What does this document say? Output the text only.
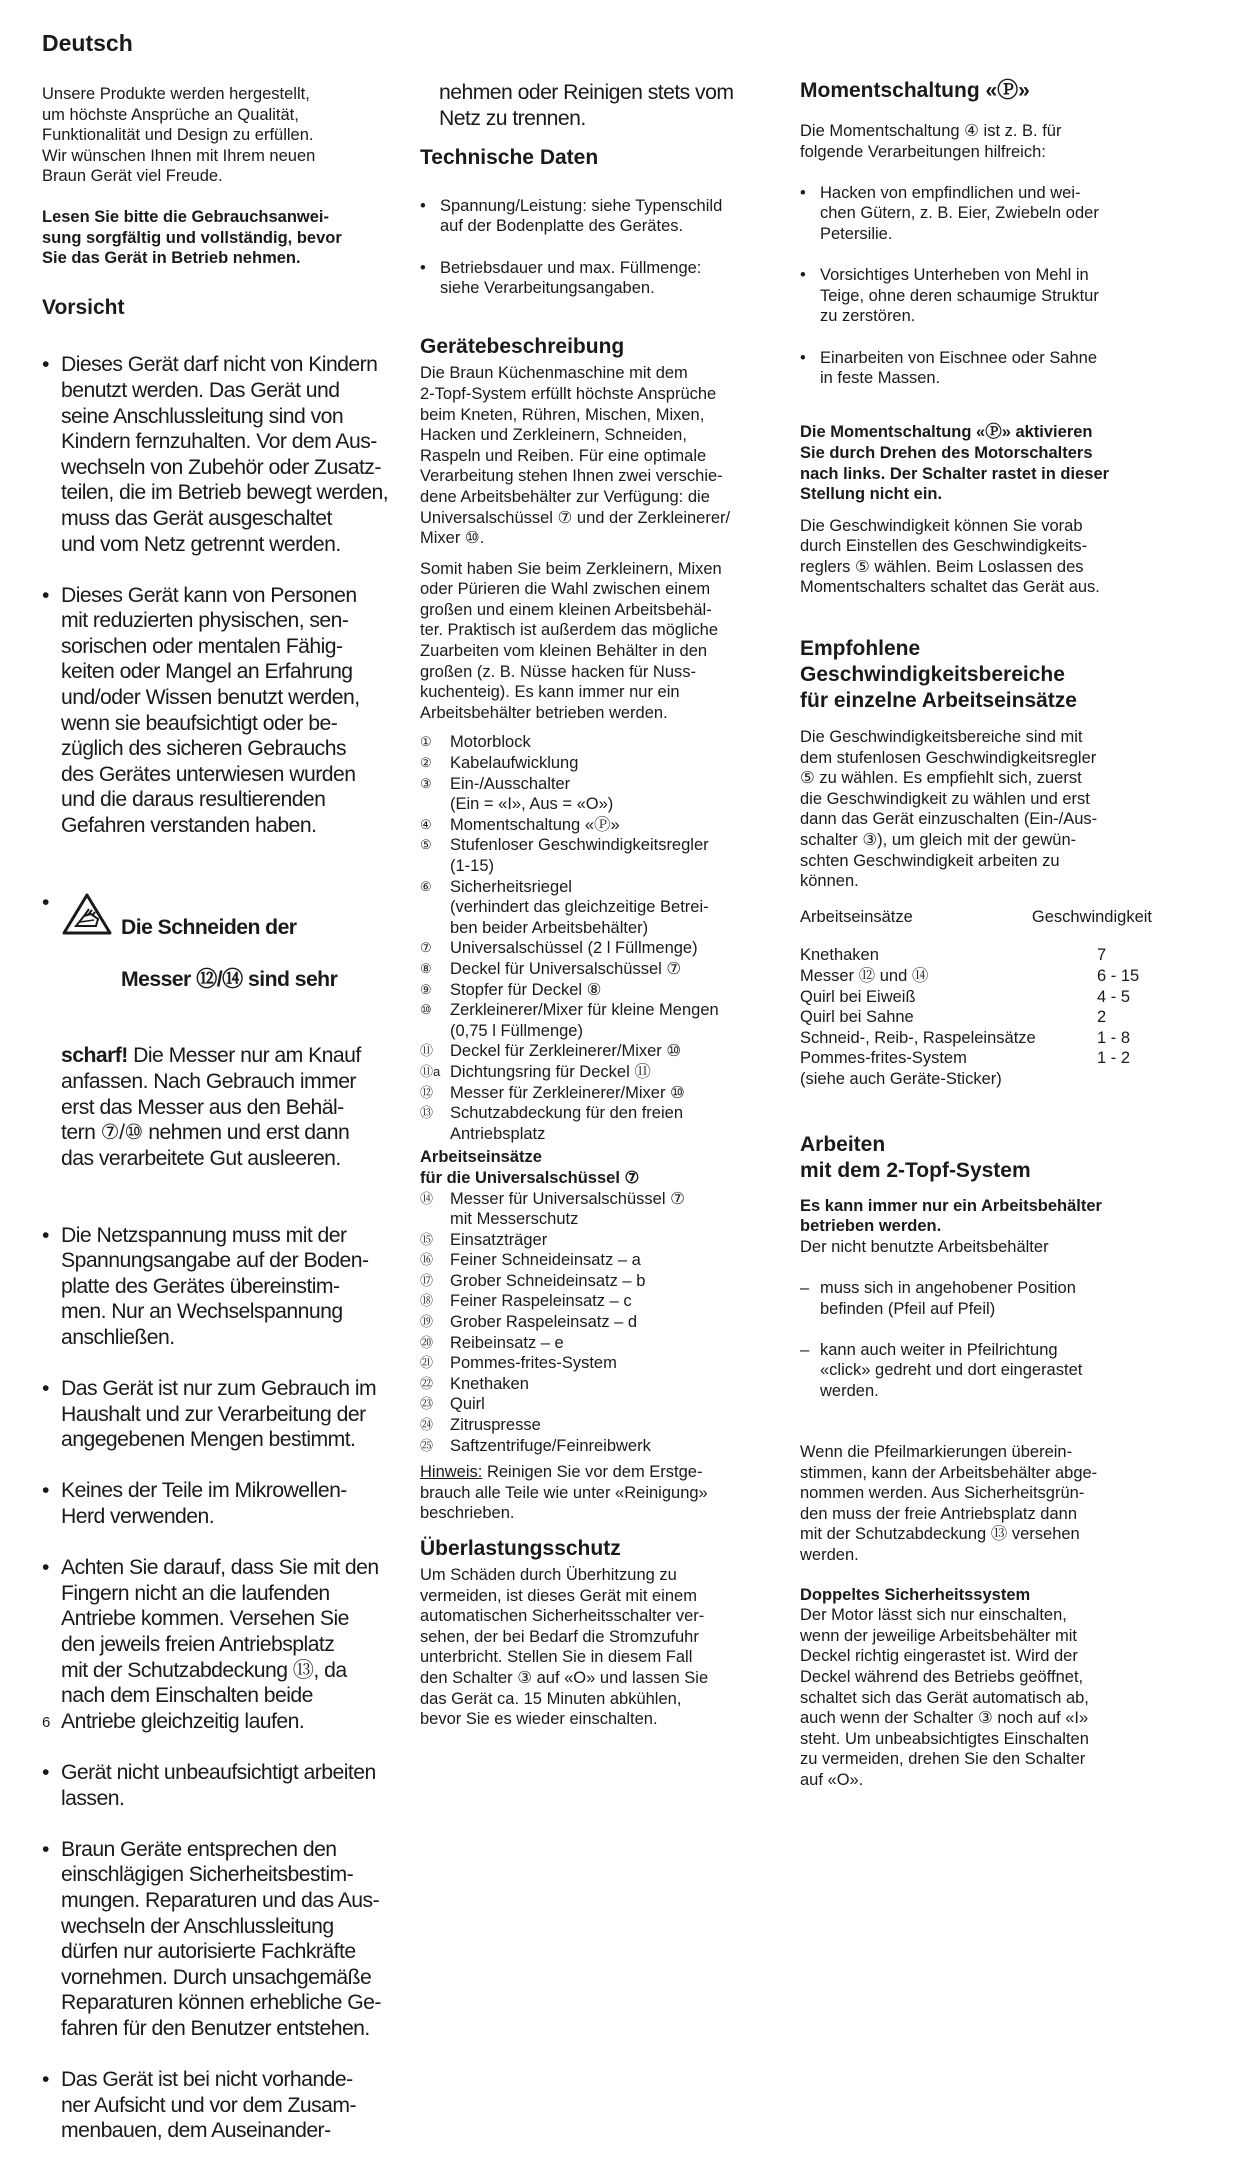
Deutsch

Unsere Produkte werden hergestellt,
um höchste Ansprüche an Qualität,
Funktionalität und Design zu erfüllen.
Wir wünschen Ihnen mit Ihrem neuen
Braun Gerät viel Freude.

Lesen Sie bitte die Gebrauchsanwei-
sung sorgfältig und vollständig, bevor
Sie das Gerät in Betrieb nehmen.

Vorsicht

• Dieses Gerät darf nicht von Kindern
benutzt werden. Das Gerät und
seine Anschlussleitung sind von
Kindern fernzuhalten. Vor dem Aus-
wechseln von Zubehör oder Zusatz-
teilen, die im Betrieb bewegt werden,
muss das Gerät ausgeschaltet
und vom Netz getrennt werden.

• Dieses Gerät kann von Personen
mit reduzierten physischen, sen-
sorischen oder mentalen Fähig-
keiten oder Mangel an Erfahrung
und/oder Wissen benutzt werden,
wenn sie beaufsichtigt oder be-
züglich des sicheren Gebrauchs
des Gerätes unterwiesen wurden
und die daraus resultierenden
Gefahren verstanden haben.

•

Die Schneiden der

Messer ⑫/⑭ sind sehr

scharf! Die Messer nur am Knauf
anfassen. Nach Gebrauch immer
erst das Messer aus den Behäl-
tern ⑦/⑩ nehmen und erst dann
das verarbeitete Gut ausleeren.

• Die Netzspannung muss mit der
Spannungsangabe auf der Boden-
platte des Gerätes übereinstim-
men. Nur an Wechselspannung
anschließen.

• Das Gerät ist nur zum Gebrauch im
Haushalt und zur Verarbeitung der
angegebenen Mengen bestimmt.

• Keines der Teile im Mikrowellen-
Herd verwenden.

• Achten Sie darauf, dass Sie mit den
Fingern nicht an die laufenden
Antriebe kommen. Versehen Sie
den jeweils freien Antriebsplatz
mit der Schutzabdeckung ⑬, da
nach dem Einschalten beide
Antriebe gleichzeitig laufen.

• Gerät nicht unbeaufsichtigt arbeiten
lassen.

• Braun Geräte entsprechen den
einschlägigen Sicherheitsbestim-
mungen. Reparaturen und das Aus-
wechseln der Anschlussleitung
dürfen nur autorisierte Fachkräfte
vornehmen. Durch unsachgemäße
Reparaturen können erhebliche Ge-
fahren für den Benutzer entstehen.

• Das Gerät ist bei nicht vorhande-
ner Aufsicht und vor dem Zusam-
menbauen, dem Auseinander-

nehmen oder Reinigen stets vom
Netz zu trennen.

Technische Daten

• Spannung/Leistung: siehe Typenschild
auf der Bodenplatte des Gerätes.

• Betriebsdauer und max. Füllmenge:
siehe Verarbeitungsangaben.

Gerätebeschreibung

Die Braun Küchenmaschine mit dem
2-Topf-System erfüllt höchste Ansprüche
beim Kneten, Rühren, Mischen, Mixen,
Hacken und Zerkleinern, Schneiden,
Raspeln und Reiben. Für eine optimale
Verarbeitung stehen Ihnen zwei verschie-
dene Arbeitsbehälter zur Verfügung: die
Universalschüssel ⑦ und der Zerkleinerer/
Mixer ⑩.

Somit haben Sie beim Zerkleinern, Mixen
oder Pürieren die Wahl zwischen einem
großen und einem kleinen Arbeitsbehäl-
ter. Praktisch ist außerdem das mögliche
Zuarbeiten vom kleinen Behälter in den
großen (z. B. Nüsse hacken für Nuss-
kuchenteig). Es kann immer nur ein
Arbeitsbehälter betrieben werden.

①	Motorblock
②	Kabelaufwicklung
③	Ein-/Ausschalter
(Ein = «I», Aus = «O»)
④	Momentschaltung «Ⓟ»
⑤	Stufenloser Geschwindigkeitsregler
(1-15)
⑥	Sicherheitsriegel
(verhindert das gleichzeitige Betrei-
ben beider Arbeitsbehälter)
⑦	Universalschüssel (2 l Füllmenge)
⑧	Deckel für Universalschüssel ⑦
⑨	Stopfer für Deckel ⑧
⑩	Zerkleinerer/Mixer für kleine Mengen
(0,75 l Füllmenge)
⑪	Deckel für Zerkleinerer/Mixer ⑩
⑪a Dichtungsring für Deckel ⑪
⑫	Messer für Zerkleinerer/Mixer ⑩
⑬	Schutzabdeckung für den freien
Antriebsplatz

Arbeitseinsätze
für die Universalschüssel ⑦

⑭	Messer für Universalschüssel ⑦
mit Messerschutz
⑮	Einsatzträger
⑯	Feiner Schneideinsatz – a
⑰	Grober Schneideinsatz – b
⑱	Feiner Raspeleinsatz – c
⑲	Grober Raspeleinsatz – d
⑳	Reibeinsatz – e
㉑	Pommes-frites-System
㉒	Knethaken
㉓	Quirl
㉔	Zitruspresse
㉕	Saftzentrifuge/Feinreibwerk

Hinweis: Reinigen Sie vor dem Erstge-
brauch alle Teile wie unter «Reinigung»
beschrieben.

Überlastungsschutz

Um Schäden durch Überhitzung zu
vermeiden, ist dieses Gerät mit einem
automatischen Sicherheitsschalter ver-
sehen, der bei Bedarf die Stromzufuhr
unterbricht. Stellen Sie in diesem Fall
den Schalter ③ auf «O» und lassen Sie
das Gerät ca. 15 Minuten abkühlen,
bevor Sie es wieder einschalten.

Momentschaltung «Ⓟ»

Die Momentschaltung ④ ist z. B. für
folgende Verarbeitungen hilfreich:

• Hacken von empfindlichen und wei-
chen Gütern, z. B. Eier, Zwiebeln oder
Petersilie.

• Vorsichtiges Unterheben von Mehl in
Teige, ohne deren schaumige Struktur
zu zerstören.

• Einarbeiten von Eischnee oder Sahne
in feste Massen.

Die Momentschaltung «Ⓟ» aktivieren
Sie durch Drehen des Motorschalters
nach links. Der Schalter rastet in dieser
Stellung nicht ein.

Die Geschwindigkeit können Sie vorab
durch Einstellen des Geschwindigkeits-
reglers ⑤ wählen. Beim Loslassen des
Momentschalters schaltet das Gerät aus.

Empfohlene
Geschwindigkeitsbereiche
für einzelne Arbeitseinsätze

Die Geschwindigkeitsbereiche sind mit
dem stufenlosen Geschwindigkeitsregler
⑤ zu wählen. Es empfiehlt sich, zuerst
die Geschwindigkeit zu wählen und erst
dann das Gerät einzuschalten (Ein-/Aus-
schalter ③), um gleich mit der gewün-
schten Geschwindigkeit arbeiten zu
können.

Arbeitseinsätze	Geschwindigkeit
Knethaken	7
Messer ⑫ und ⑭	6 - 15
Quirl bei Eiweiß	4 - 5
Quirl bei Sahne	2
Schneid-, Reib-, Raspeleinsätze	1 - 8
Pommes-frites-System	1 - 2
(siehe auch Geräte-Sticker)	

Arbeiten
mit dem 2-Topf-System

Es kann immer nur ein Arbeitsbehälter
betrieben werden.

Der nicht benutzte Arbeitsbehälter

– muss sich in angehobener Position
befinden (Pfeil auf Pfeil)

– kann auch weiter in Pfeilrichtung
«click» gedreht und dort eingerastet
werden.

Wenn die Pfeilmarkierungen überein-
stimmen, kann der Arbeitsbehälter abge-
nommen werden. Aus Sicherheitsgrün-
den muss der freie Antriebsplatz dann
mit der Schutzabdeckung ⑬ versehen
werden.

Doppeltes Sicherheitssystem

Der Motor lässt sich nur einschalten,
wenn der jeweilige Arbeitsbehälter mit
Deckel richtig eingerastet ist. Wird der
Deckel während des Betriebs geöffnet,
schaltet sich das Gerät automatisch ab,
auch wenn der Schalter ③ noch auf «I»
steht. Um unbeabsichtigtes Einschalten
zu vermeiden, drehen Sie den Schalter
auf «O».

6
